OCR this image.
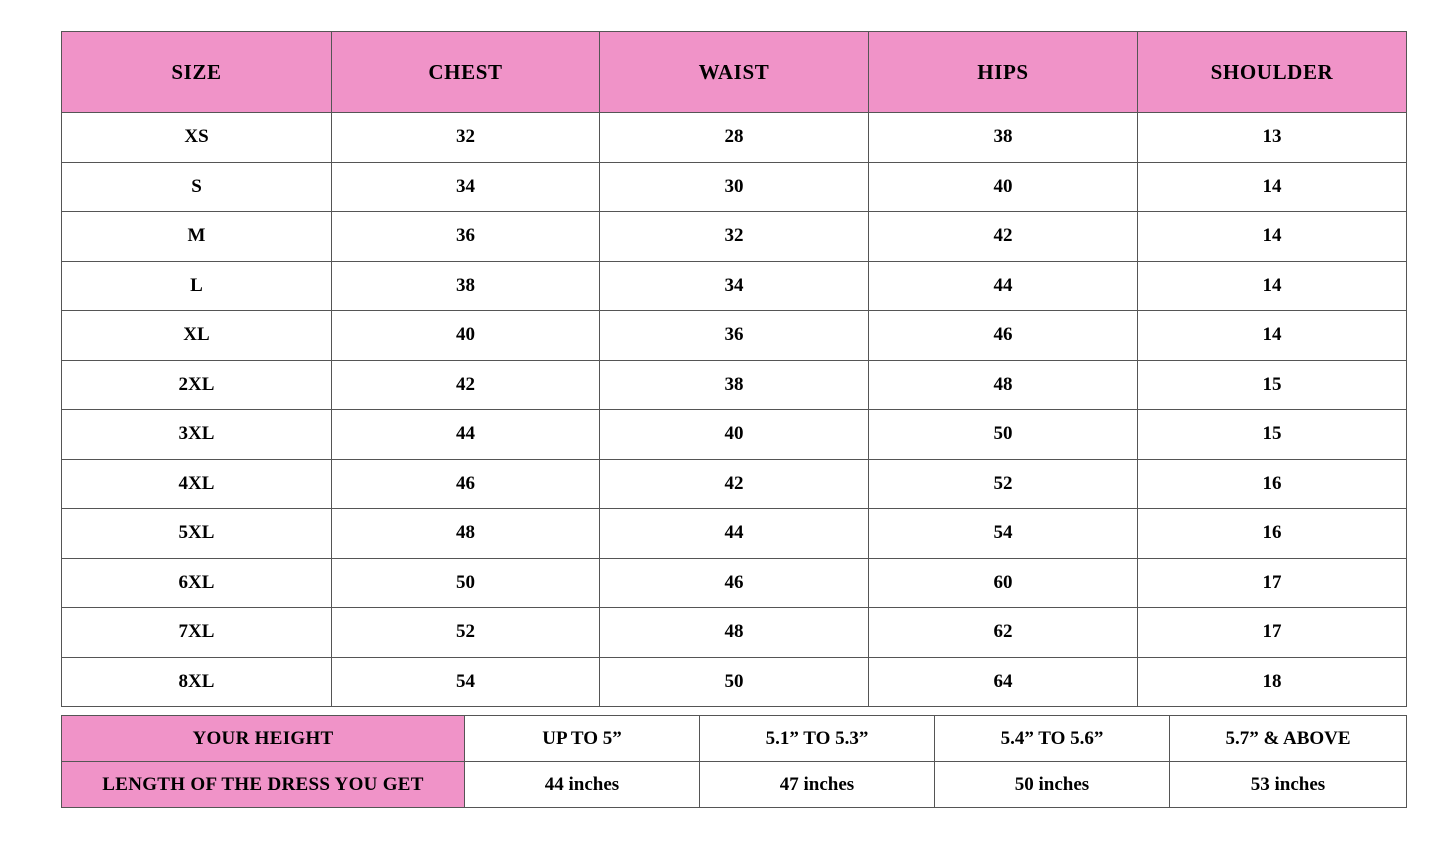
SIZE	CHEST	WAIST	HIPS	SHOULDER
XS	32	28	38	13
S	34	30	40	14
M	36	32	42	14
L	38	34	44	14
XL	40	36	46	14
2XL	42	38	48	15
3XL	44	40	50	15
4XL	46	42	52	16
5XL	48	44	54	16
6XL	50	46	60	17
7XL	52	48	62	17
8XL	54	50	64	18
YOUR HEIGHT	UP TO 5”	5.1” TO 5.3”	5.4” TO 5.6”	5.7” & ABOVE
LENGTH OF THE DRESS YOU GET	44 inches	47 inches	50 inches	53 inches
